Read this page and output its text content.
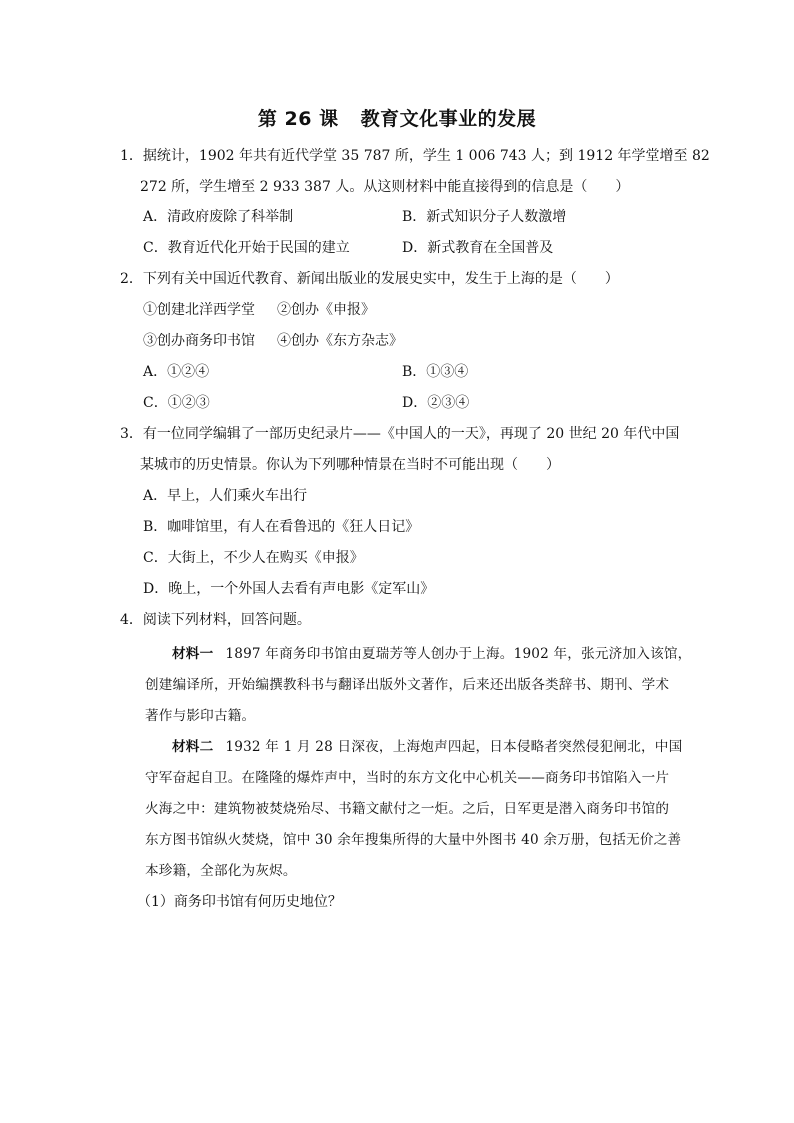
第 26 课 教育文化事业的发展
1．据统计，1902 年共有近代学堂 35 787 所，学生 1 006 743 人；到 1912 年学堂增至 82
272 所，学生增至 2 933 387 人。从这则材料中能直接得到的信息是（　　）
A．清政府废除了科举制	B．新式知识分子人数激增
C．教育近代化开始于民国的建立	D．新式教育在全国普及
2．下列有关中国近代教育、新闻出版业的发展史实中，发生于上海的是（　　）
①创建北洋西学堂 ②创办《申报》
③创办商务印书馆 ④创办《东方杂志》
A．①②④	B．①③④
C．①②③	D．②③④
3．有一位同学编辑了一部历史纪录片——《中国人的一天》，再现了 20 世纪 20 年代中国
某城市的历史情景。你认为下列哪种情景在当时不可能出现（　　）
A．早上，人们乘火车出行
B．咖啡馆里，有人在看鲁迅的《狂人日记》
C．大街上，不少人在购买《申报》
D．晚上，一个外国人去看有声电影《定军山》
4．阅读下列材料，回答问题。
材料一 1897 年商务印书馆由夏瑞芳等人创办于上海。1902 年，张元济加入该馆，
创建编译所，开始编撰教科书与翻译出版外文著作，后来还出版各类辞书、期刊、学术
著作与影印古籍。
材料二 1932 年 1 月 28 日深夜，上海炮声四起，日本侵略者突然侵犯闸北，中国
守军奋起自卫。在隆隆的爆炸声中，当时的东方文化中心机关——商务印书馆陷入一片
火海之中：建筑物被焚烧殆尽、书籍文献付之一炬。之后，日军更是潜入商务印书馆的
东方图书馆纵火焚烧，馆中 30 余年搜集所得的大量中外图书 40 余万册，包括无价之善
本珍籍，全部化为灰烬。
（1）商务印书馆有何历史地位？
